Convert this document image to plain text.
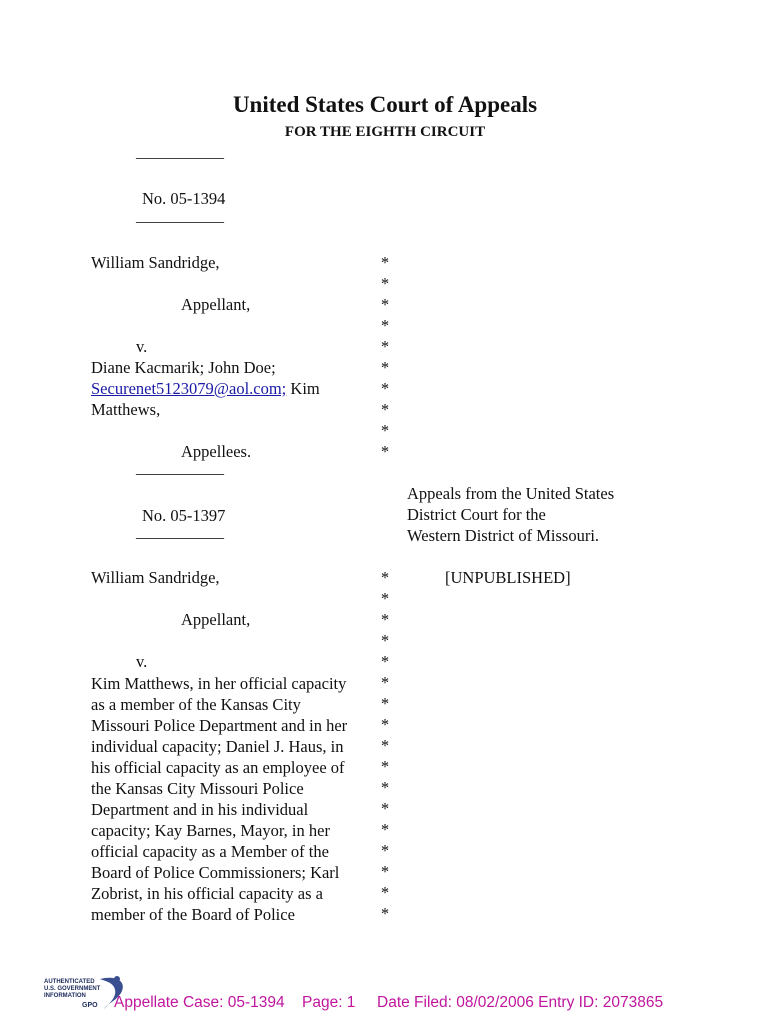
United States Court of Appeals
FOR THE EIGHTH CIRCUIT
___________
No. 05-1394
___________
William Sandridge,
Appellant,
v.
Diane Kacmarik; John Doe;
Securenet5123079@aol.com; Kim
Matthews,
Appellees.
*
*
*
*
*
*
*
*
*
*
___________
No. 05-1397
___________
Appeals from the United States
District Court for the
Western District of Missouri.
[UNPUBLISHED]
William Sandridge,
Appellant,
v.
Kim Matthews, in her official capacity
as a member of the Kansas City
Missouri Police Department and in her
individual capacity; Daniel J. Haus, in
his official capacity as an employee of
the Kansas City Missouri Police
Department and in his individual
capacity; Kay Barnes, Mayor, in her
official capacity as a Member of the
Board of Police Commissioners; Karl
Zobrist, in his official capacity as a
member of the Board of Police
*
*
*
*
*
*
*
*
*
*
*
*
*
*
*
*
*
AUTHENTICATED
U.S. GOVERNMENT
INFORMATION
GPO Appellate Case: 05-1394 Page: 1 Date Filed: 08/02/2006 Entry ID: 2073865
